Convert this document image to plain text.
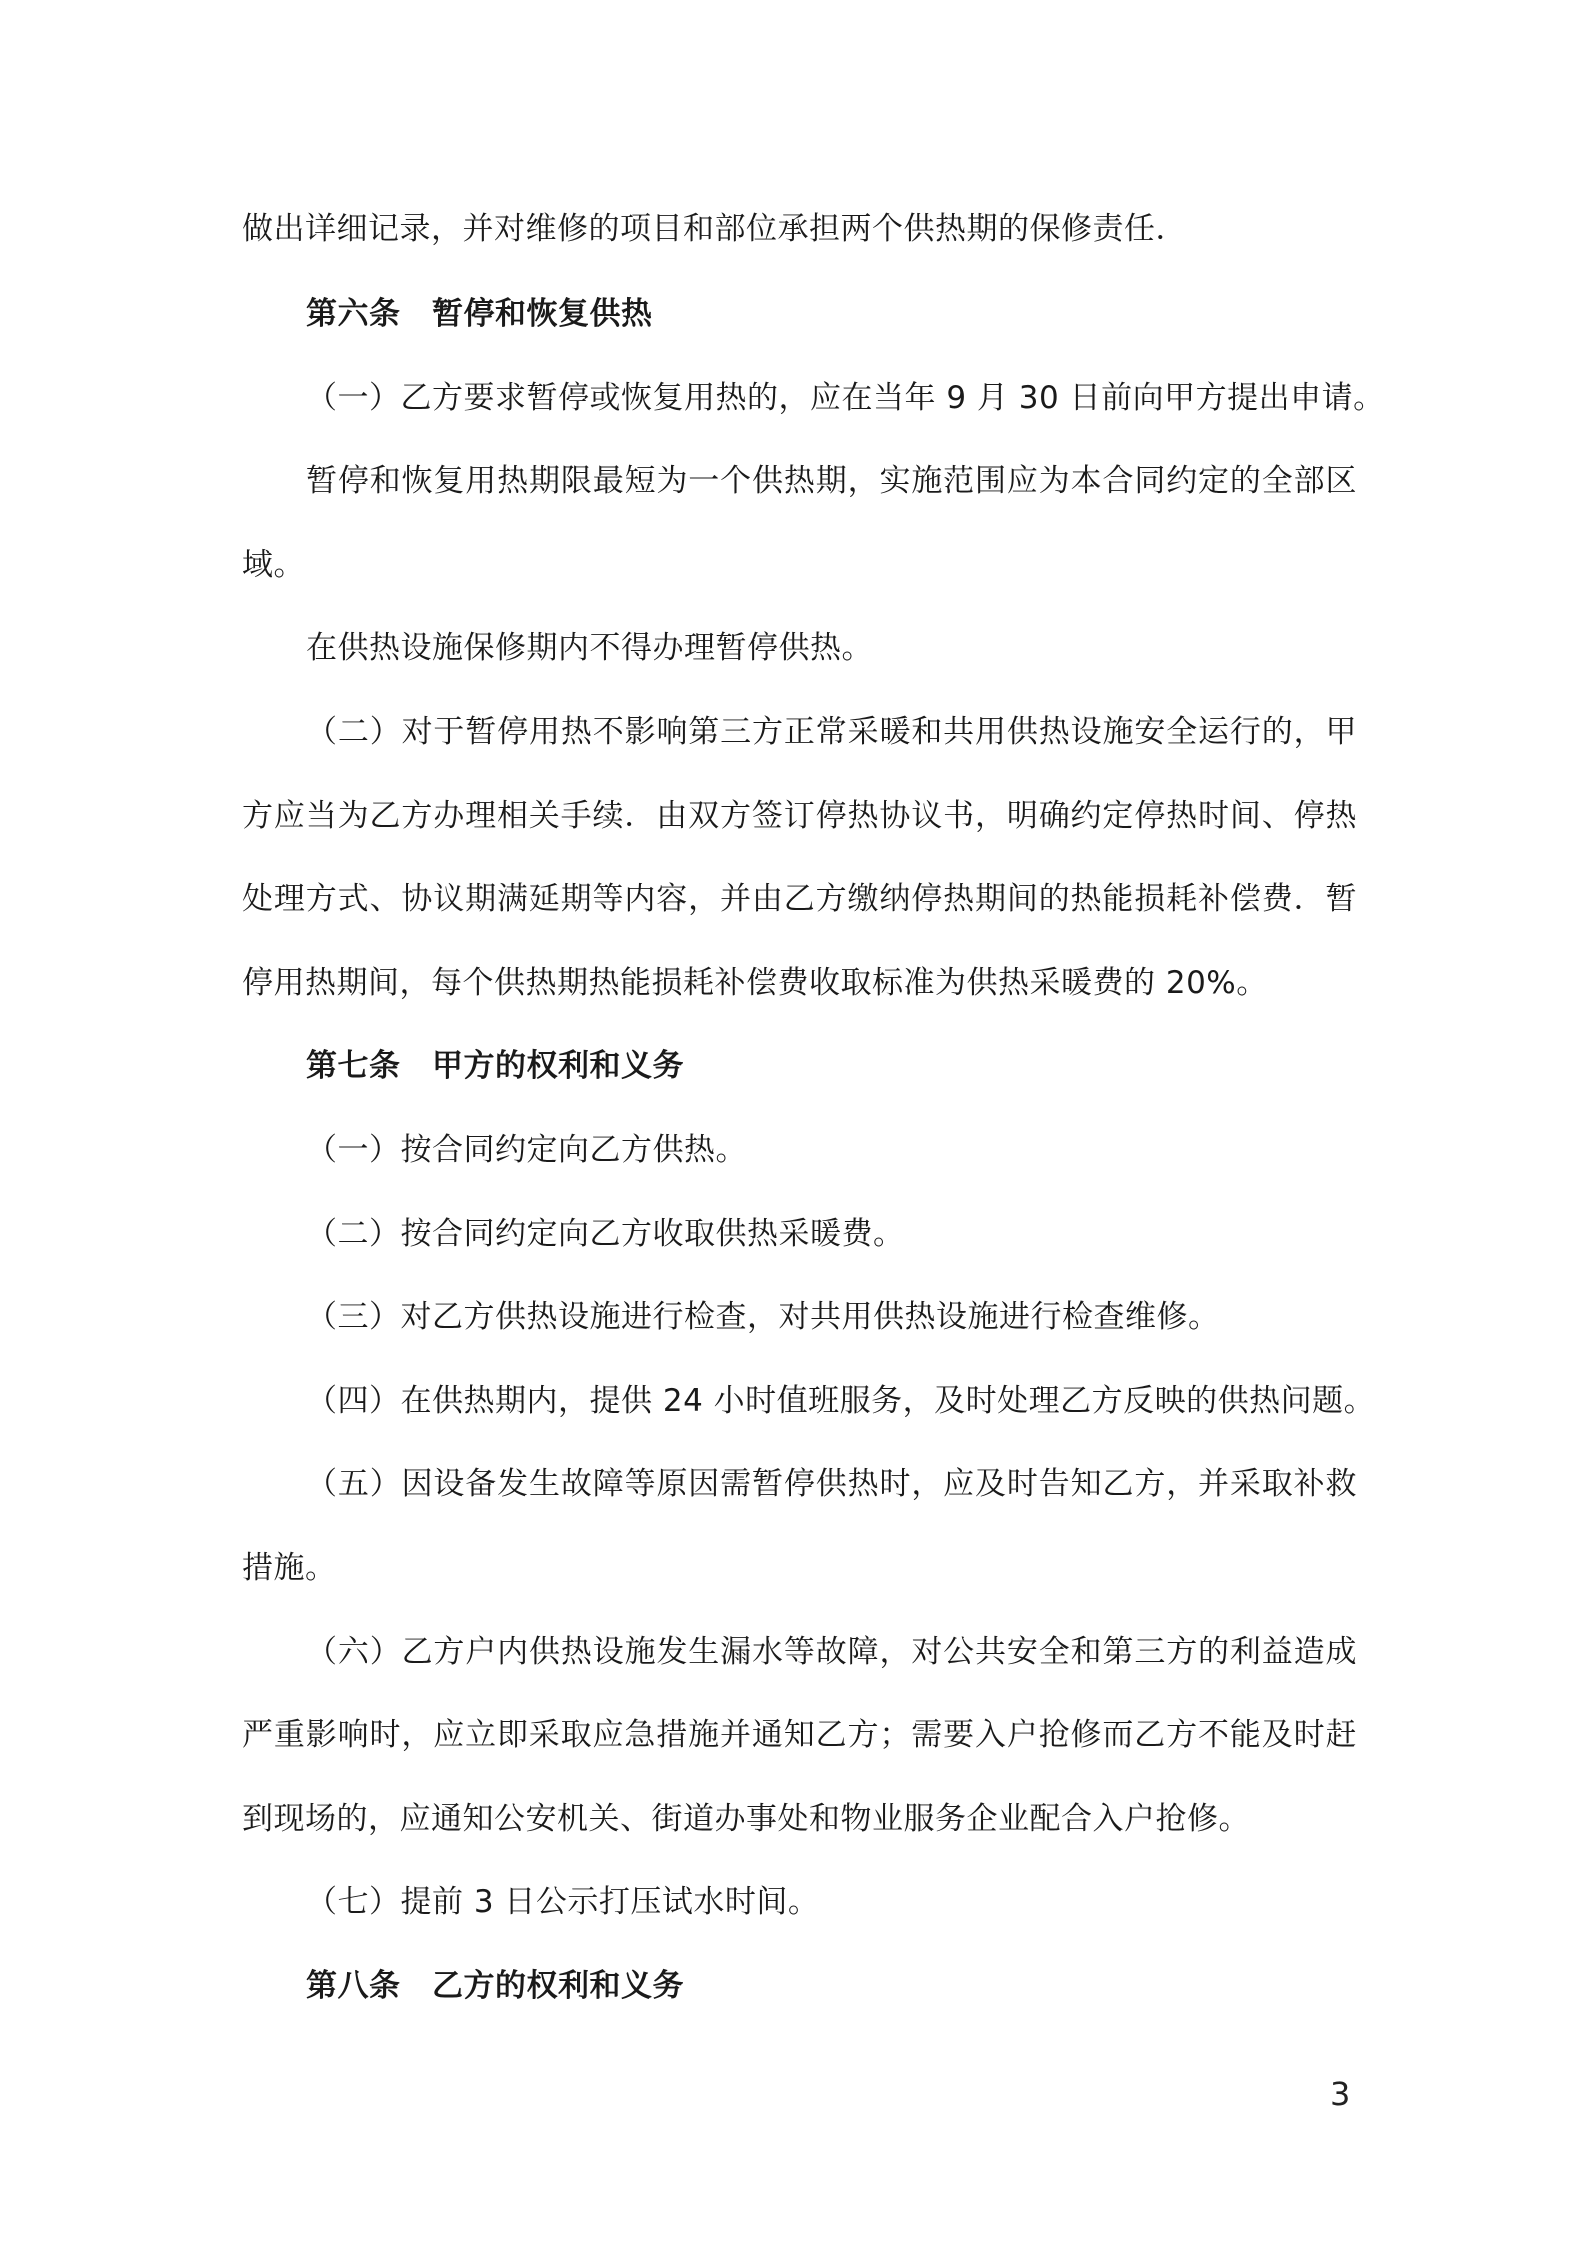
做出详细记录，并对维修的项目和部位承担两个供热期的保修责任．
第六条　暂停和恢复供热
（一）乙方要求暂停或恢复用热的，应在当年 9 月 30 日前向甲方提出申请。
暂停和恢复用热期限最短为一个供热期，实施范围应为本合同约定的全部区
域。
在供热设施保修期内不得办理暂停供热。
（二）对于暂停用热不影响第三方正常采暖和共用供热设施安全运行的，甲
方应当为乙方办理相关手续．由双方签订停热协议书，明确约定停热时间、停热
处理方式、协议期满延期等内容，并由乙方缴纳停热期间的热能损耗补偿费．暂
停用热期间，每个供热期热能损耗补偿费收取标准为供热采暖费的 20%。
第七条　甲方的权利和义务
（一）按合同约定向乙方供热。
（二）按合同约定向乙方收取供热采暖费。
（三）对乙方供热设施进行检查，对共用供热设施进行检查维修。
（四）在供热期内，提供 24 小时值班服务，及时处理乙方反映的供热问题。
（五）因设备发生故障等原因需暂停供热时，应及时告知乙方，并采取补救
措施。
（六）乙方户内供热设施发生漏水等故障，对公共安全和第三方的利益造成
严重影响时，应立即采取应急措施并通知乙方；需要入户抢修而乙方不能及时赶
到现场的，应通知公安机关、街道办事处和物业服务企业配合入户抢修。
（七）提前 3 日公示打压试水时间。
第八条　乙方的权利和义务
3
